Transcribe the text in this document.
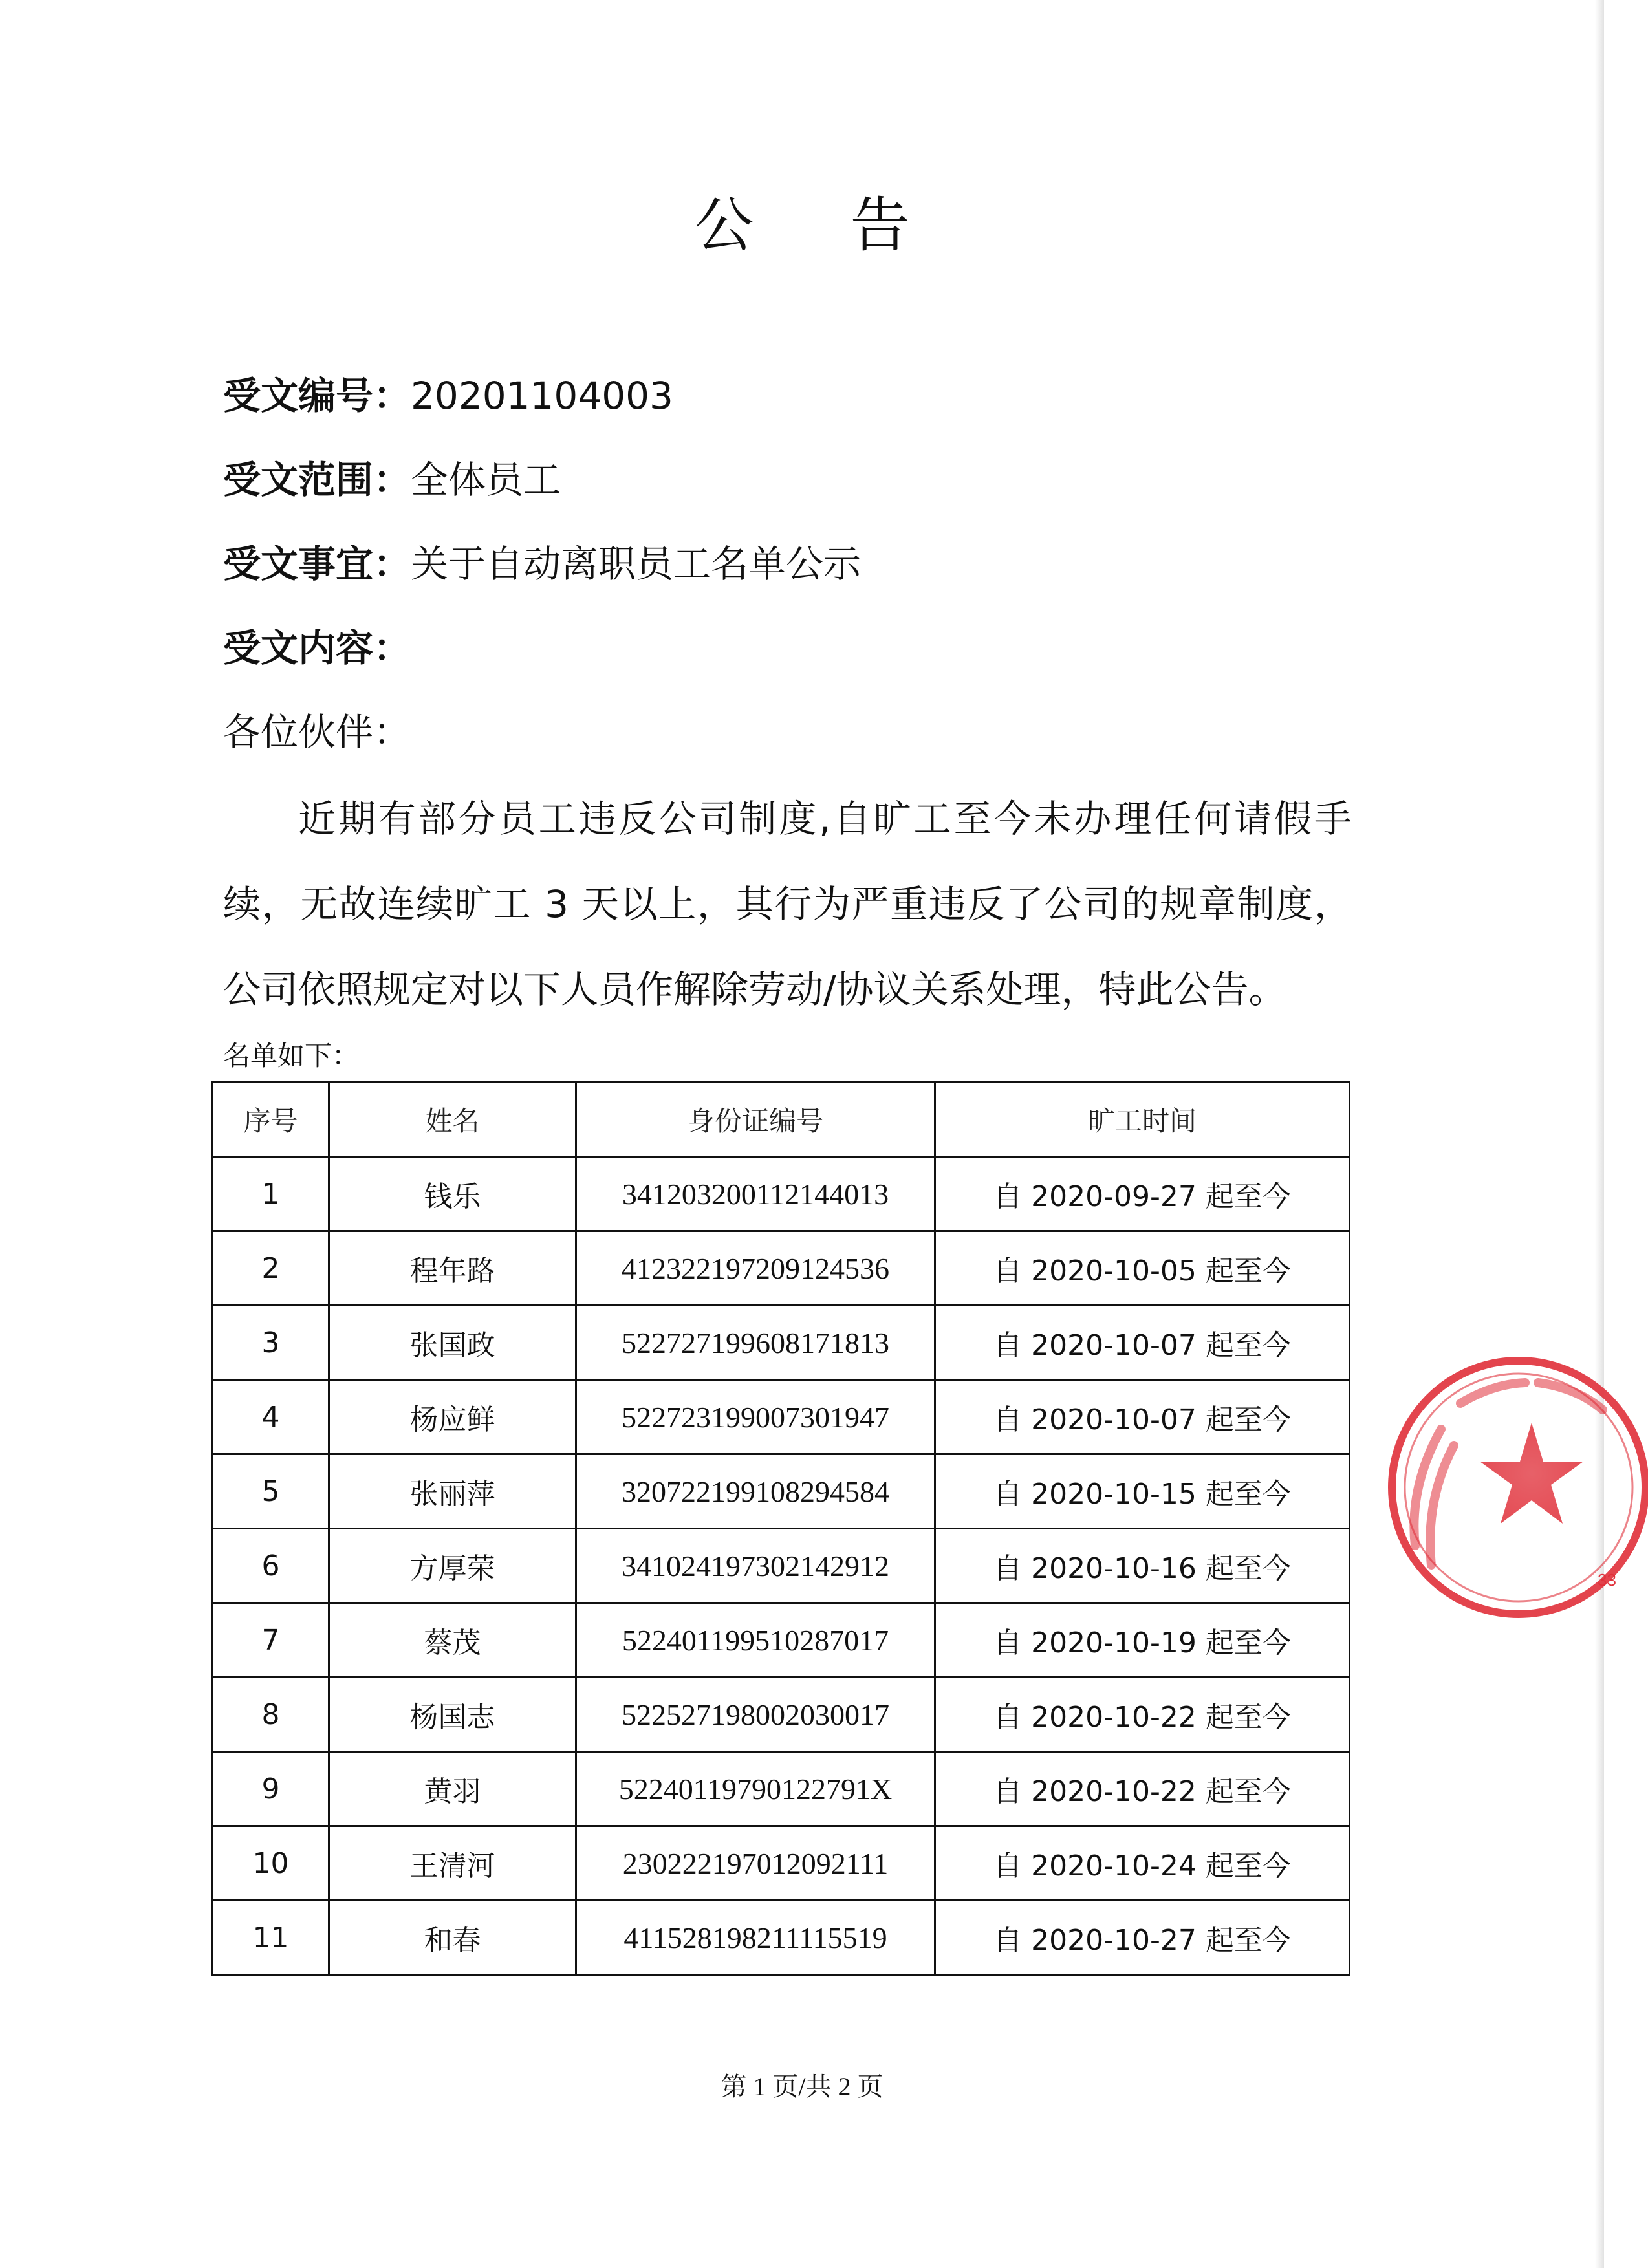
公 告
受文编号：20201104003
受文范围：全体员工
受文事宜：关于自动离职员工名单公示
受文内容：
各位伙伴：
近期有部分员工违反公司制度,自旷工至今未办理任何请假手续，无故连续旷工 3 天以上，其行为严重违反了公司的规章制度，公司依照规定对以下人员作解除劳动/协议关系处理，特此公告。
名单如下：
序号	姓名	身份证编号	旷工时间
1	钱乐	341203200112144013	自 2020-09-27 起至今
2	程年路	412322197209124536	自 2020-10-05 起至今
3	张国政	522727199608171813	自 2020-10-07 起至今
4	杨应鲜	522723199007301947	自 2020-10-07 起至今
5	张丽萍	320722199108294584	自 2020-10-15 起至今
6	方厚荣	341024197302142912	自 2020-10-16 起至今
7	蔡茂	522401199510287017	自 2020-10-19 起至今
8	杨国志	522527198002030017	自 2020-10-22 起至今
9	黄羽	52240119790122791X	自 2020-10-22 起至今
10	王清河	230222197012092111	自 2020-10-24 起至今
11	和春	411528198211115519	自 2020-10-27 起至今
33
第 1 页/共 2 页
